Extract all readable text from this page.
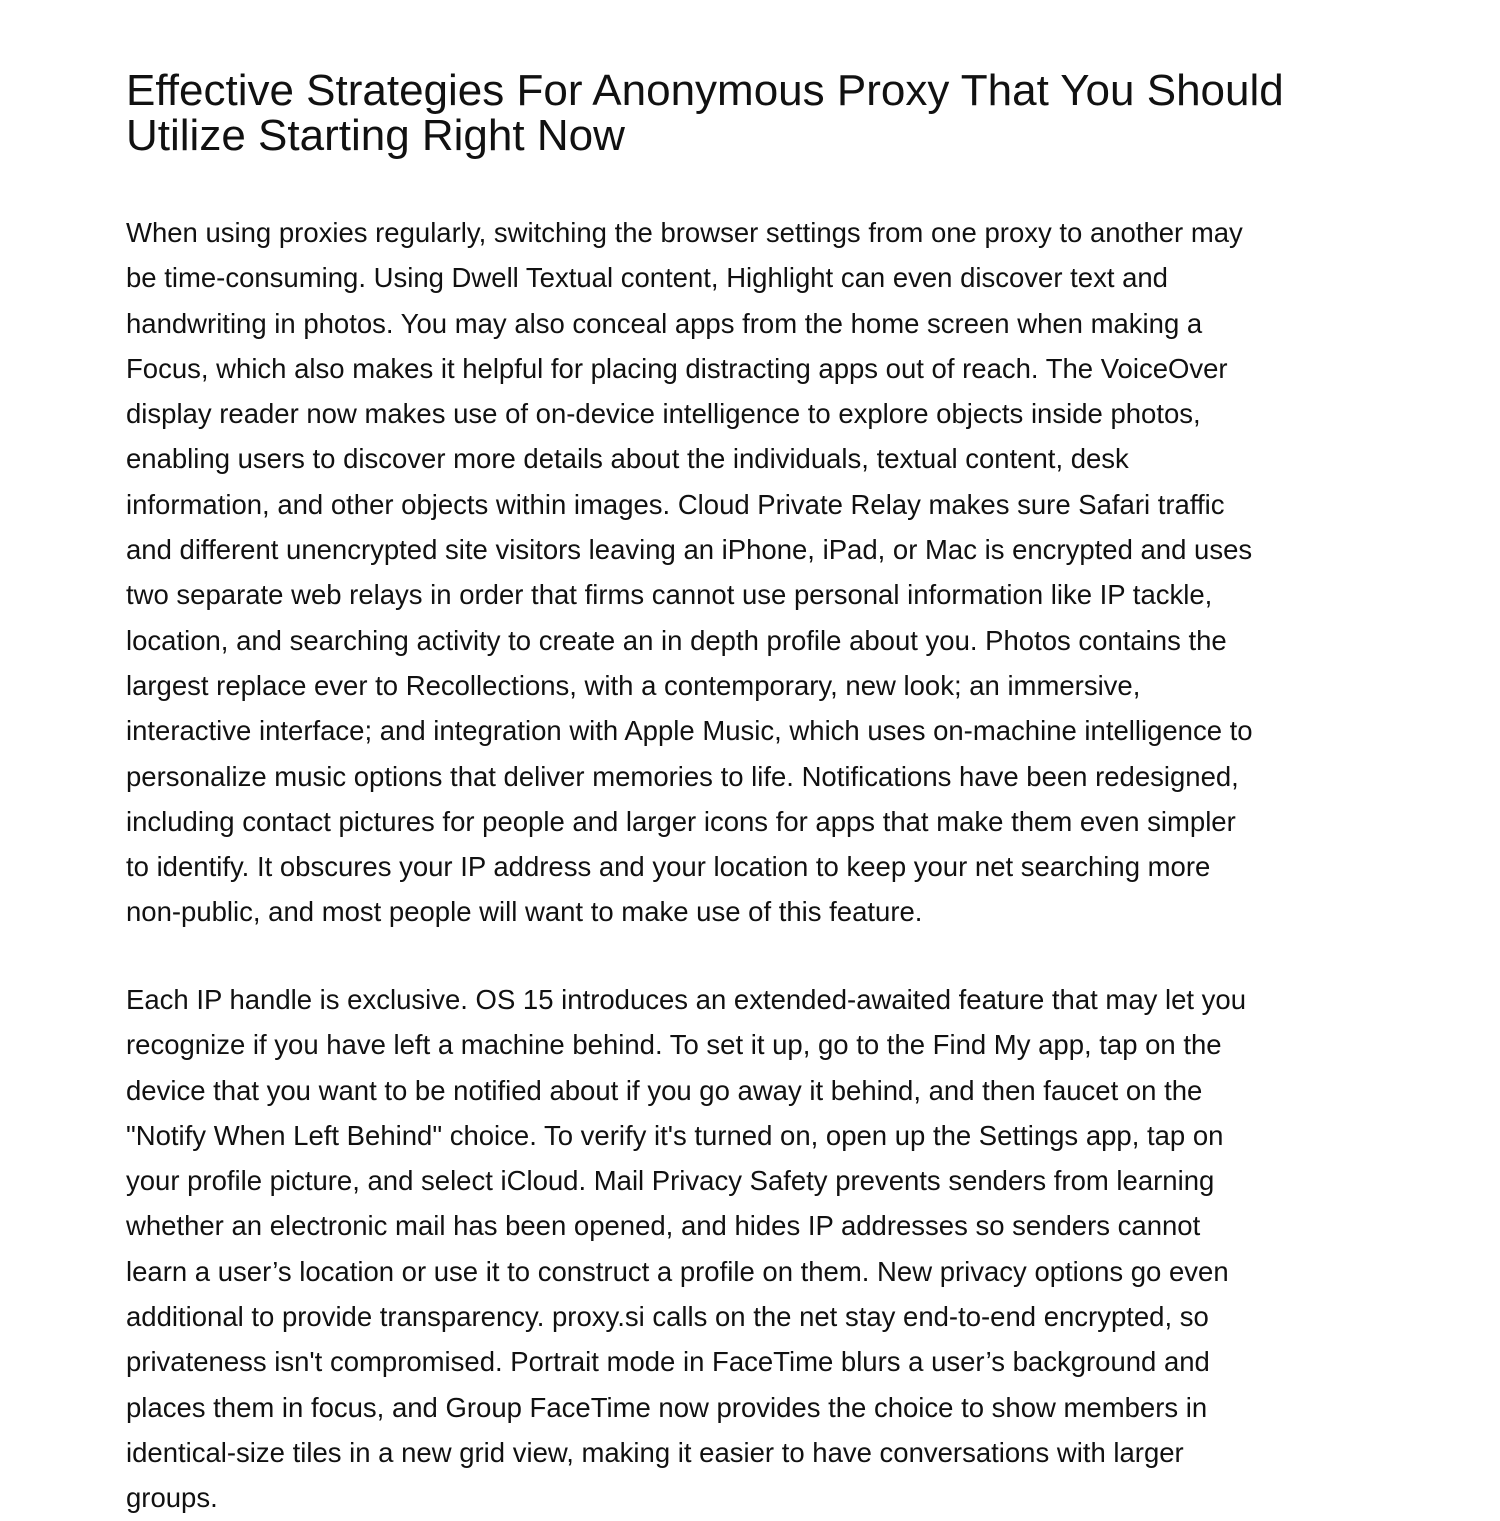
Effective Strategies For Anonymous Proxy That You Should
Utilize Starting Right Now

When using proxies regularly, switching the browser settings from one proxy to another may
be time-consuming. Using Dwell Textual content, Highlight can even discover text and
handwriting in photos. You may also conceal apps from the home screen when making a
Focus, which also makes it helpful for placing distracting apps out of reach. The VoiceOver
display reader now makes use of on-device intelligence to explore objects inside photos,
enabling users to discover more details about the individuals, textual content, desk
information, and other objects within images. Cloud Private Relay makes sure Safari traffic
and different unencrypted site visitors leaving an iPhone, iPad, or Mac is encrypted and uses
two separate web relays in order that firms cannot use personal information like IP tackle,
location, and searching activity to create an in depth profile about you. Photos contains the
largest replace ever to Recollections, with a contemporary, new look; an immersive,
interactive interface; and integration with Apple Music, which uses on-machine intelligence to
personalize music options that deliver memories to life. Notifications have been redesigned,
including contact pictures for people and larger icons for apps that make them even simpler
to identify. It obscures your IP address and your location to keep your net searching more
non-public, and most people will want to make use of this feature.

Each IP handle is exclusive. OS 15 introduces an extended-awaited feature that may let you
recognize if you have left a machine behind. To set it up, go to the Find My app, tap on the
device that you want to be notified about if you go away it behind, and then faucet on the
"Notify When Left Behind" choice. To verify it's turned on, open up the Settings app, tap on
your profile picture, and select iCloud. Mail Privacy Safety prevents senders from learning
whether an electronic mail has been opened, and hides IP addresses so senders cannot
learn a user’s location or use it to construct a profile on them. New privacy options go even
additional to provide transparency. proxy.si calls on the net stay end-to-end encrypted, so
privateness isn't compromised. Portrait mode in FaceTime blurs a user’s background and
places them in focus, and Group FaceTime now provides the choice to show members in
identical-size tiles in a new grid view, making it easier to have conversations with larger
groups.
